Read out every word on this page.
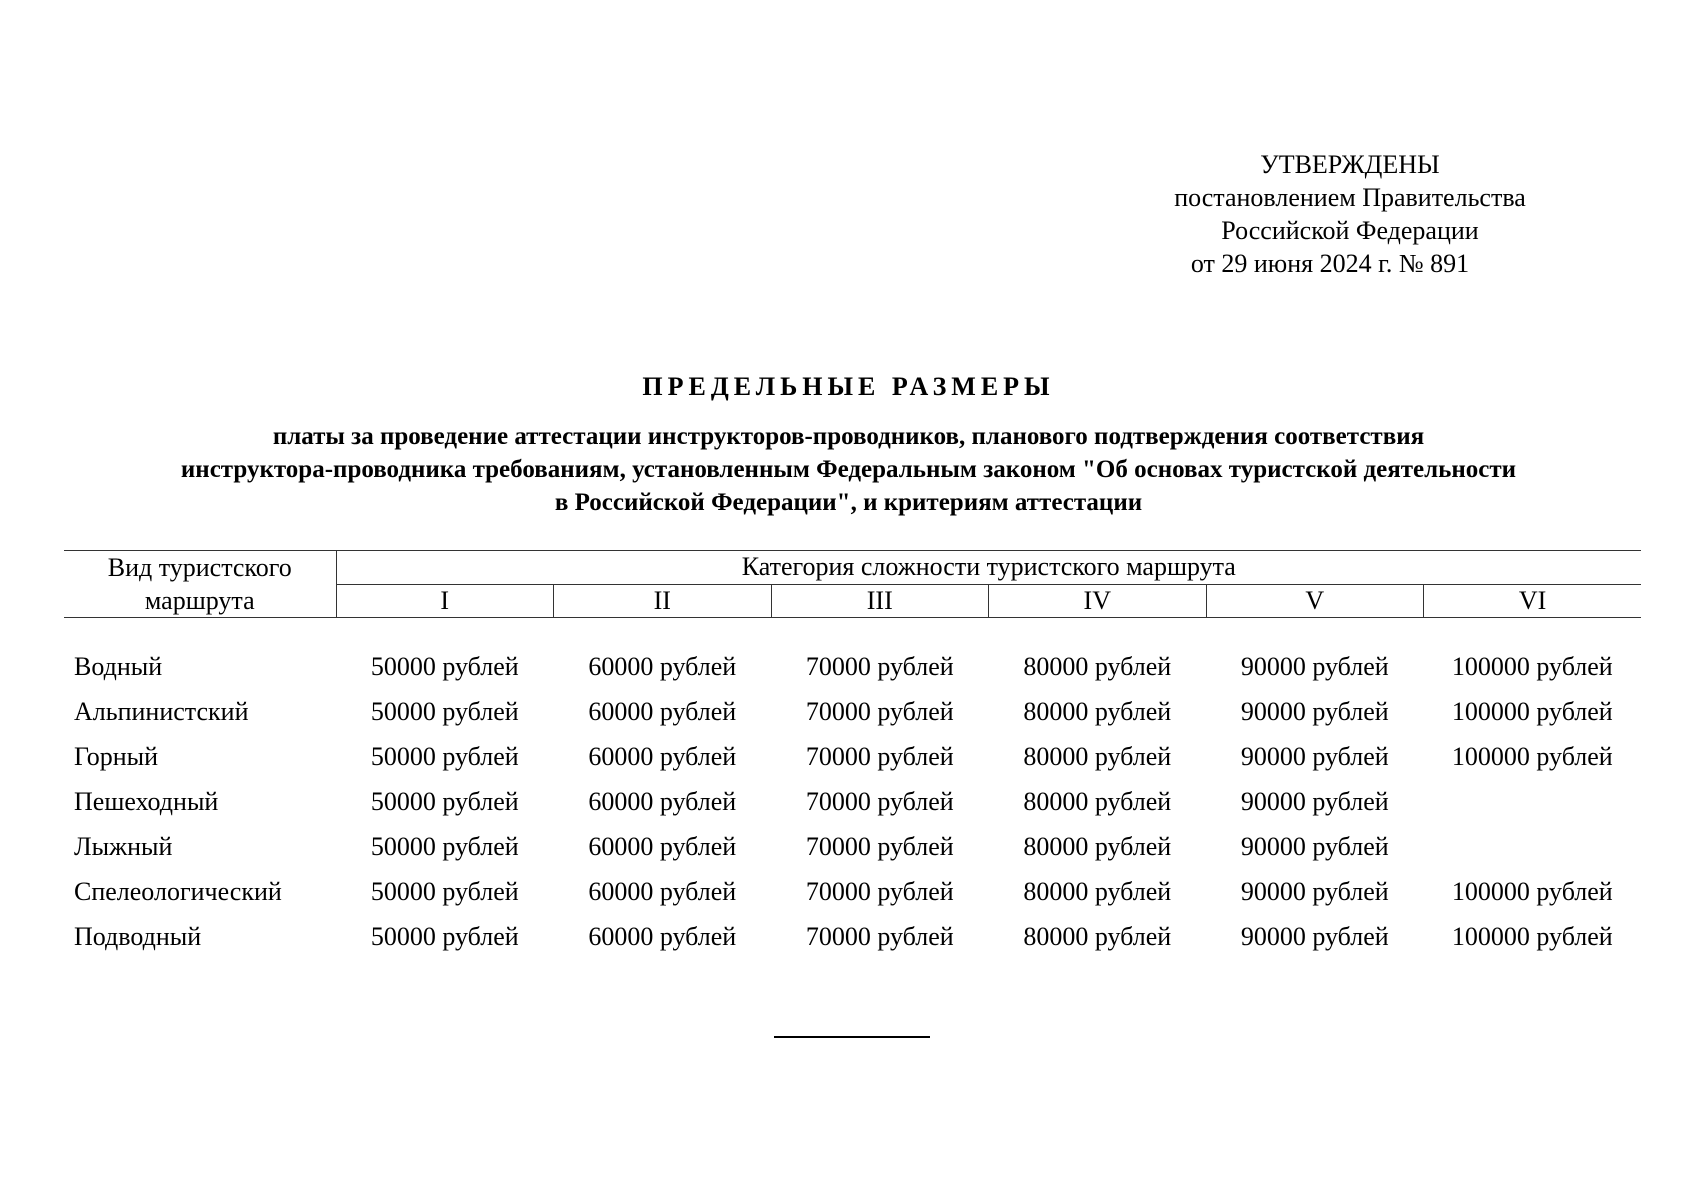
УТВЕРЖДЕНЫ
постановлением Правительства
Российской Федерации
от 29 июня 2024 г. № 891
ПРЕДЕЛЬНЫЕ РАЗМЕРЫ
платы за проведение аттестации инструкторов-проводников, планового подтверждения соответствия
инструктора-проводника требованиям, установленным Федеральным законом "Об основах туристской деятельности
в Российской Федерации", и критериям аттестации
Вид туристского
маршрута	Категория сложности туристского маршрута					
	I	II	III	IV	V	VI

Водный	50000 рублей	60000 рублей	70000 рублей	80000 рублей	90000 рублей	100000 рублей
Альпинистский	50000 рублей	60000 рублей	70000 рублей	80000 рублей	90000 рублей	100000 рублей
Горный	50000 рублей	60000 рублей	70000 рублей	80000 рублей	90000 рублей	100000 рублей
Пешеходный	50000 рублей	60000 рублей	70000 рублей	80000 рублей	90000 рублей	
Лыжный	50000 рублей	60000 рублей	70000 рублей	80000 рублей	90000 рублей	
Спелеологический	50000 рублей	60000 рублей	70000 рублей	80000 рублей	90000 рублей	100000 рублей
Подводный	50000 рублей	60000 рублей	70000 рублей	80000 рублей	90000 рублей	100000 рублей
